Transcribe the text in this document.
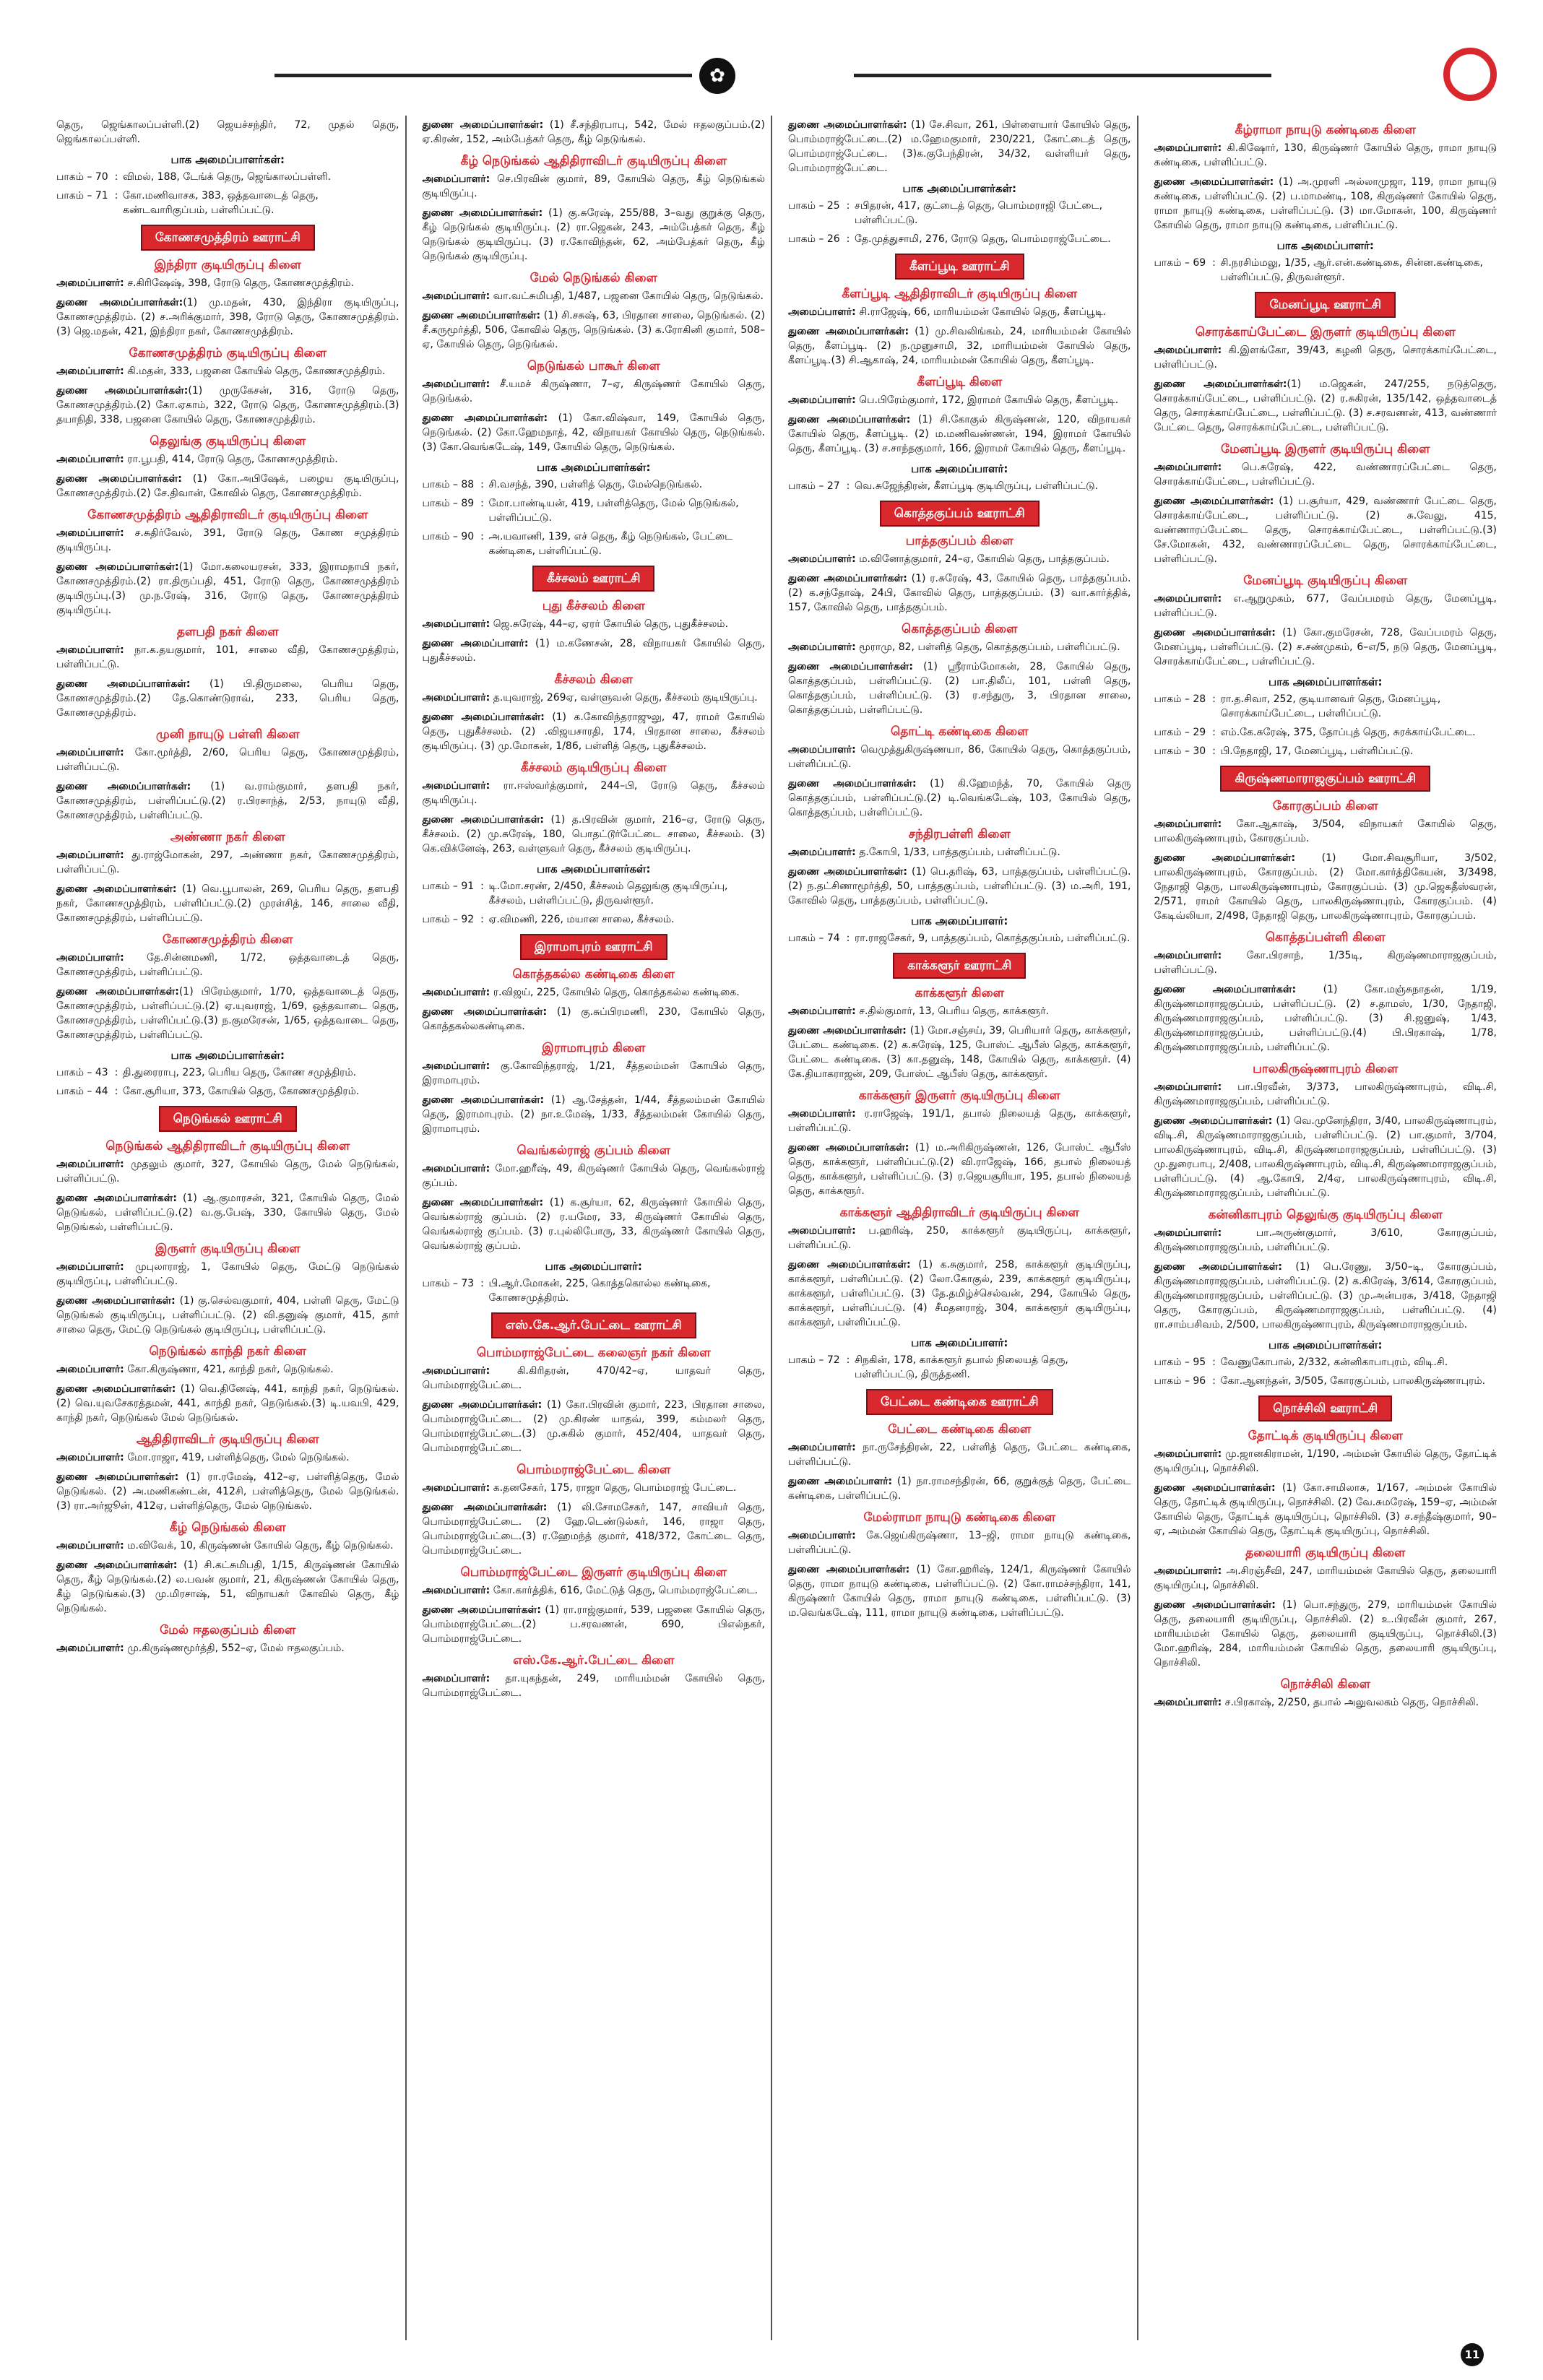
✿
தெரு, ஜெங்காலப்பள்ளி.(2) ஜெயச்சந்திர், 72, முதல் தெரு, ஜெங்காலப்பள்ளி.
பாக அமைப்பாளர்கள்:
பாகம் – 70 : விமல், 188, டேங்க் தெரு, ஜெங்காலப்பள்ளி.
பாகம் – 71 : கோ.மணிவாசக, 383, ஒத்தவாடைத் தெரு, கண்டவாரிகுப்பம், பள்ளிப்பட்டு.
கோணசமுத்திரம் ஊராட்சி
இந்திரா குடியிருப்பு கிளை
அமைப்பாளர்: ச.கிரிஷேஷ், 398, ரோடு தெரு, கோணசமுத்திரம்.
துணை அமைப்பாளர்கள்:(1) மு.மதன், 430, இந்திரா குடியிருப்பு, கோணசமுத்திரம். (2) ச.அரிக்குமார், 398, ரோடு தெரு, கோணசமுத்திரம்.(3) ஜெ.மதன், 421, இந்திரா நகர், கோணசமுத்திரம்.
கோணசமுத்திரம் குடியிருப்பு கிளை
அமைப்பாளர்: கி.மதன், 333, பஜனை கோயில் தெரு, கோணசமுத்திரம்.
துணை அமைப்பாளர்கள்:(1) முருகேசன், 316, ரோடு தெரு, கோணசமுத்திரம்.(2) கோ.ஏகாம், 322, ரோடு தெரு, கோணசமுத்திரம்.(3) தயாநிதி, 338, பஜனை கோயில் தெரு, கோணசமுத்திரம்.
தெலுங்கு குடியிருப்பு கிளை
அமைப்பாளர்: ரா.பூபதி, 414, ரோடு தெரு, கோணசமுத்திரம்.
துணை அமைப்பாளர்கள்: (1) கோ.அபிஷேக், பழைய குடியிருப்பு, கோணசமுத்திரம்.(2) சே.திவான், கோவில் தெரு, கோணசமுத்திரம்.
கோணசமுத்திரம் ஆதிதிராவிடர் குடியிருப்பு கிளை
அமைப்பாளர்: ச.சுதிர்வேல், 391, ரோடு தெரு, கோண சமுத்திரம் குடியிருப்பு.
துணை அமைப்பாளர்கள்:(1) மோ.கலையரசன், 333, இராமநாயி நகர், கோணசமுத்திரம்.(2) ரா.திருப்பதி, 451, ரோடு தெரு, கோணசமுத்திரம் குடியிருப்பு.(3) மு.ந.ரேஷ், 316, ரோடு தெரு, கோணசமுத்திரம் குடியிருப்பு.
தளபதி நகர் கிளை
அமைப்பாளர்: நா.க.தயகுமார், 101, சாலை வீதி, கோணசமுத்திரம், பள்ளிப்பட்டு.
துணை அமைப்பாளர்கள்: (1) பி.திருமலை, பெரிய தெரு, கோணசமுத்திரம்.(2) தே.கொண்டுராவ், 233, பெரிய தெரு, கோணசமுத்திரம்.
முனி நாயுடு பள்ளி கிளை
அமைப்பாளர்: கோ.மூர்த்தி, 2/60, பெரிய தெரு, கோணசமுத்திரம், பள்ளிப்பட்டு.
துணை அமைப்பாளர்கள்: (1) வ.ராம்குமார், தளபதி நகர், கோணசமுத்திரம், பள்ளிப்பட்டு.(2) ர.பிரசாந்த், 2/53, நாயுடு வீதி, கோணசமுத்திரம், பள்ளிப்பட்டு.
அண்ணா நகர் கிளை
அமைப்பாளர்: து.ராஜ்மோகன், 297, அண்ணா நகர், கோணசமுத்திரம், பள்ளிப்பட்டு.
துணை அமைப்பாளர்கள்: (1) வெ.பூபாலன், 269, பெரிய தெரு, தளபதி நகர், கோணசமுத்திரம், பள்ளிப்பட்டு.(2) முரள்சித், 146, சாலை வீதி, கோணசமுத்திரம், பள்ளிப்பட்டு.
கோணசமுத்திரம் கிளை
அமைப்பாளர்: தே.சின்னமணி, 1/72, ஒத்தவாடைத் தெரு, கோணசமுத்திரம், பள்ளிப்பட்டு.
துணை அமைப்பாளர்கள்:(1) பிரேம்குமார், 1/70, ஒத்தவாடைத் தெரு, கோணசமுத்திரம், பள்ளிப்பட்டு.(2) ஏ.யுவராஜ், 1/69, ஒத்தவாடை தெரு, கோணசமுத்திரம், பள்ளிப்பட்டு.(3) ந.குமரேசன், 1/65, ஒத்தவாடை தெரு, கோணசமுத்திரம், பள்ளிப்பட்டு.
பாக அமைப்பாளர்கள்:
பாகம் – 43 : தி.துரைராபு, 223, பெரிய தெரு, கோண சமுத்திரம்.
பாகம் – 44 : கோ.சூரியா, 373, கோயில் தெரு, கோணசமுத்திரம்.
நெடுங்கல் ஊராட்சி
நெடுங்கல் ஆதிதிராவிடர் குடியிருப்பு கிளை
அமைப்பாளர்: முதலும் குமார், 327, கோயில் தெரு, மேல் நெடுங்கல், பள்ளிப்பட்டு.
துணை அமைப்பாளர்கள்: (1) ஆ.குமாரசன், 321, கோயில் தெரு, மேல் நெடுங்கல், பள்ளிப்பட்டு.(2) வ.கு.பேஷ், 330, கோயில் தெரு, மேல் நெடுங்கல், பள்ளிப்பட்டு.
இருளர் குடியிருப்பு கிளை
அமைப்பாளர்: முபுலாராஜ், 1, கோயில் தெரு, மேட்டு நெடுங்கல் குடியிருப்பு, பள்ளிப்பட்டு.
துணை அமைப்பாளர்கள்: (1) கு.செல்வகுமார், 404, பள்ளி தெரு, மேட்டு நெடுங்கல் குடியிருப்பு, பள்ளிப்பட்டு. (2) வி.தனுஷ் குமார், 415, தார் சாலை தெரு, மேட்டு நெடுங்கல் குடியிருப்பு, பள்ளிப்பட்டு.
நெடுங்கல் காந்தி நகர் கிளை
அமைப்பாளர்: கோ.கிருஷ்ணா, 421, காந்தி நகர், நெடுங்கல்.
துணை அமைப்பாளர்கள்: (1) வெ.தினேஷ், 441, காந்தி நகர், நெடுங்கல். (2) வெ.யுவசேகரத்தமன், 441, காந்தி நகர், நெடுங்கல்.(3) டி.யவபி, 429, காந்தி நகர், நெடுங்கல் மேல் நெடுங்கல்.
ஆதிதிராவிடர் குடியிருப்பு கிளை
அமைப்பாளர்: மோ.ராஜா, 419, பள்ளித்தெரு, மேல் நெடுங்கல்.
துணை அமைப்பாளர்கள்: (1) ரா.ரமேஷ், 412–ஏ, பள்ளித்தெரு, மேல் நெடுங்கல். (2) அ.மணிகண்டன், 412சி, பள்ளித்தெரு, மேல் நெடுங்கல். (3) ரா.அர்ஜூன், 412ஏ, பள்ளித்தெரு, மேல் நெடுங்கல்.
கீழ் நெடுங்கல் கிளை
அமைப்பாளர்: ம.விவேக், 10, கிருஷ்ணன் கோயில் தெரு, கீழ் நெடுங்கல்.
துணை அமைப்பாளர்கள்: (1) சி.கட்சுமிபதி, 1/15, கிருஷ்ணன் கோயில் தெரு, கீழ் நெடுங்கல்.(2) ல.பவன் குமார், 21, கிருஷ்ணன் கோயில் தெரு, கீழ் நெடுங்கல்.(3) மு.மிரசாஷ், 51, விநாயகர் கோவில் தெரு, கீழ் நெடுங்கல்.
மேல் ஈதலகுப்பம் கிளை
அமைப்பாளர்: மு.கிருஷ்ணமூர்த்தி, 552–ஏ, மேல் ஈதலகுப்பம்.
துணை அமைப்பாளர்கள்: (1) சீ.சந்திரபாபு, 542, மேல் ஈதலகுப்பம்.(2) ஏ.கிரண், 152, அம்பேத்கர் தெரு, கீழ் நெடுங்கல்.
கீழ் நெடுங்கல் ஆதிதிராவிடர் குடியிருப்பு கிளை
அமைப்பாளர்: செ.பிரவின் குமார், 89, கோயில் தெரு, கீழ் நெடுங்கல் குடியிருப்பு.
துணை அமைப்பாளர்கள்: (1) கு.சுரேஷ், 255/88, 3–வது குறுக்கு தெரு, கீழ் நெடுங்கல் குடியிருப்பு. (2) ரா.ஜெகன், 243, அம்பேத்கர் தெரு, கீழ் நெடுங்கல் குடியிருப்பு. (3) ர.கோவிந்தன், 62, அம்பேத்கர் தெரு, கீழ் நெடுங்கல் குடியிருப்பு.
மேல் நெடுங்கல் கிளை
அமைப்பாளர்: வா.வட்சுமிபதி, 1/487, பஜனை கோயில் தெரு, நெடுங்கல்.
துணை அமைப்பாளர்கள்: (1) சி.சசுஷ், 63, பிரதான சாலை, நெடுங்கல். (2) சீ.கருமூர்த்தி, 506, கோவில் தெரு, நெடுங்கல். (3) க.ரோகினி குமார், 508–ஏ, கோயில் தெரு, நெடுங்கல்.
நெடுங்கல் பாகூர் கிளை
அமைப்பாளர்: சீ.யமச் கிருஷ்ணா, 7–ஏ, கிருஷ்ணர் கோயில் தெரு, நெடுங்கல்.
துணை அமைப்பாளர்கள்: (1) கோ.விஷ்வா, 149, கோயில் தெரு, நெடுங்கல். (2) கோ.ஹேமநாத், 42, விநாயகர் கோயில் தெரு, நெடுங்கல். (3) கோ.வெங்கடேஷ், 149, கோயில் தெரு, நெடுங்கல்.
பாக அமைப்பாளர்கள்:
பாகம் – 88 : சி.வசந்த், 390, பள்ளித் தெரு, மேல்நெடுங்கல்.
பாகம் – 89 : மோ.பாண்டியன், 419, பள்ளித்தெரு, மேல் நெடுங்கல், பள்ளிப்பட்டு.
பாகம் – 90 : அ.யவாணி, 139, எச் தெரு, கீழ் நெடுங்கல், பேட்டை கண்டிகை, பள்ளிப்பட்டு.
கீச்சலம் ஊராட்சி
புது கீச்சலம் கிளை
அமைப்பாளர்: ஜெ.சுரேஷ், 44–ஏ, ஏரர் கோயில் தெரு, புதுகீச்சலம்.
துணை அமைப்பாளர்: (1) ம.கணேசன், 28, விநாயகர் கோயில் தெரு, புதுகீச்சலம்.
கீச்சலம் கிளை
அமைப்பாளர்: த.யுவராஜ், 269ஏ, வள்ளுவன் தெரு, கீச்சலம் குடியிருப்பு.
துணை அமைப்பாளர்கள்: (1) க.கோவிந்தராஜுலு, 47, ராமர் கோயில் தெரு, புதுகீச்சலம். (2) .விஜயசாரதி, 174, பிரதான சாலை, கீச்சலம் குடியிருப்பு. (3) மு.மோகன், 1/86, பள்ளித் தெரு, புதுகீச்சலம்.
கீச்சலம் குடியிருப்பு கிளை
அமைப்பாளர்: ரா.ஈஸ்வர்த்குமார், 244–பி, ரோடு தெரு, கீச்சலம் குடியிருப்பு.
துணை அமைப்பாளர்கள்: (1) த.பிரவின் குமார், 216–ஏ, ரோடு தெரு, கீச்சலம். (2) மு.சுரேஷ், 180, பொதட்டூர்பேட்டை சாலை, கீச்சலம். (3) கெ.விக்னேஷ், 263, வள்ளுவர் தெரு, கீச்சலம் குடியிருப்பு.
பாக அமைப்பாளர்கள்:
பாகம் – 91 : டி.மோ.சரண், 2/450, கீச்சலம் தெலுங்கு குடியிருப்பு, கீச்சலம், பள்ளிப்பட்டு, திருவள்ளூர்.
பாகம் – 92 : ஏ.விமணி, 226, மயான சாலை, கீச்சலம்.
இராமாபுரம் ஊராட்சி
கொத்தகல்ல கண்டிகை கிளை
அமைப்பாளர்: ர.விஜய், 225, கோயில் தெரு, கொத்தகல்ல கண்டிகை.
துணை அமைப்பாளர்கள்: (1) கு.சுப்பிரமணி, 230, கோயில் தெரு, கொத்தகல்லகண்டிகை.
இராமாபுரம் கிளை
அமைப்பாளர்: கு.கோவிந்தராஜ், 1/21, சீத்தலம்மன் கோயில் தெரு, இராமாபுரம்.
துணை அமைப்பாளர்கள்: (1) ஆ.சேத்தன், 1/44, சீத்தலம்மன் கோயில் தெரு, இராமாபுரம். (2) நா.உமேஷ், 1/33, சீத்தலம்மன் கோயில் தெரு, இராமாபுரம்.
வெங்கல்ராஜ் குப்பம் கிளை
அமைப்பாளர்: மோ.ஹரீஷ், 49, கிருஷ்ணர் கோயில் தெரு, வெங்கல்ராஜ் குப்பம்.
துணை அமைப்பாளர்கள்: (1) க.சூர்யா, 62, கிருஷ்ணர் கோயில் தெரு, வெங்கல்ராஜ் குப்பம். (2) ர.யமேர, 33, கிருஷ்ணர் கோயில் தெரு, வெங்கல்ராஜ் குப்பம். (3) ர.புல்லிபோரு, 33, கிருஷ்ணர் கோயில் தெரு, வெங்கல்ராஜ் குப்பம்.
பாக அமைப்பாளர்:
பாகம் – 73 : பி.ஆர்.மோகன், 225, கொத்தகொல்ல கண்டிகை, கோணசமுத்திரம்.
எஸ்.கே.ஆர்.பேட்டை ஊராட்சி
பொம்மராஜ்பேட்டை கலைஞர் நகர் கிளை
அமைப்பாளர்: கி.கிரிதரன், 470/42–ஏ, யாதவர் தெரு, பொம்மராஜ்பேட்டை.
துணை அமைப்பாளர்கள்: (1) கோ.பிரவின் குமார், 223, பிரதான சாலை, பொம்மராஜ்பேட்டை. (2) மு.கிரண் யாதவ், 399, கம்மலர் தெரு, பொம்மராஜ்பேட்டை.(3) மு.சுகில் குமார், 452/404, யாதவர் தெரு, பொம்மராஜ்பேட்டை.
பொம்மராஜ்பேட்டை கிளை
அமைப்பாளர்: க.தனசேகர், 175, ராஜா தெரு, பொம்மராஜ் பேட்டை.
துணை அமைப்பாளர்கள்: (1) லி.சோமசேகர், 147, சாவியர் தெரு, பொம்மராஜ்பேட்டை. (2) ஹே.டெண்டுல்கர், 146, ராஜா தெரு, பொம்மராஜ்பேட்டை.(3) ர.ஹேமந்த் குமார், 418/372, கோட்டை தெரு, பொம்மராஜ்பேட்டை.
பொம்மராஜ்பேட்டை இருளர் குடியிருப்பு கிளை
அமைப்பாளர்: கோ.கார்த்திக், 616, மேட்டுத் தெரு, பொம்மராஜ்பேட்டை.
துணை அமைப்பாளர்கள்: (1) ரா.ராஜ்குமார், 539, பஜனை கோயில் தெரு, பொம்மராஜ்பேட்டை.(2) ப.சரவணன், 690, பிஎல்நகர், பொம்மராஜ்பேட்டை.
எஸ்.கே.ஆர்.பேட்டை கிளை
அமைப்பாளர்: தா.யுகந்தன், 249, மாரியம்மன் கோயில் தெரு, பொம்மராஜ்பேட்டை.
துணை அமைப்பாளர்கள்: (1) சே.சிவா, 261, பிள்ளையார் கோயில் தெரு, பொம்மராஜ்பேட்டை.(2) ம.ஹேமகுமார், 230/221, கோட்டைத் தெரு, பொம்மராஜ்பேட்டை. (3)க.குபேந்திரன், 34/32, வள்ளியர் தெரு, பொம்மராஜ்பேட்டை.
பாக அமைப்பாளர்கள்:
பாகம் – 25 : சபிதரன், 417, குட்டைத் தெரு, பொம்மராஜி பேட்டை, பள்ளிப்பட்டு.
பாகம் – 26 : தே.முத்துசாமி, 276, ரோடு தெரு, பொம்மராஜ்பேட்டை.
கீளப்பூடி ஊராட்சி
கீளப்பூடி ஆதிதிராவிடர் குடியிருப்பு கிளை
அமைப்பாளர்: சி.ராஜேஷ், 66, மாரியம்மன் கோயில் தெரு, கீளப்பூடி.
துணை அமைப்பாளர்கள்: (1) மு.சிவலிங்கம், 24, மாரியம்மன் கோயில் தெரு, கீளப்பூடி. (2) ந.முனுசாமி, 32, மாரியம்மன் கோயில் தெரு, கீளப்பூடி.(3) சி.ஆகாஷ், 24, மாரியம்மன் கோயில் தெரு, கீளப்பூடி.
கீளப்பூடி கிளை
அமைப்பாளர்: பெ.பிரேம்குமார், 172, இராமர் கோயில் தெரு, கீளப்பூடி.
துணை அமைப்பாளர்கள்: (1) சி.கோகுல் கிருஷ்ணன், 120, விநாயகர் கோயில் தெரு, கீளப்பூடி. (2) ம.மணிவண்ணன், 194, இராமர் கோயில் தெரு, கீளப்பூடி. (3) ச.சாந்தகுமார், 166, இராமர் கோயில் தெரு, கீளப்பூடி.
பாக அமைப்பாளர்:
பாகம் – 27 : வெ.சுஜேந்திரன், கீளப்பூடி குடியிருப்பு, பள்ளிப்பட்டு.
கொத்தகுப்பம் ஊராட்சி
பாத்தகுப்பம் கிளை
அமைப்பாளர்: ம.வினோத்குமார், 24–ஏ, கோயில் தெரு, பாத்தகுப்பம்.
துணை அமைப்பாளர்கள்: (1) ர.சுரேஷ், 43, கோயில் தெரு, பாத்தகுப்பம். (2) க.சந்தோஷ், 24பி, கோவில் தெரு, பாத்தகுப்பம். (3) வா.கார்த்திக், 157, கோவில் தெரு, பாத்தகுப்பம்.
கொத்தகுப்பம் கிளை
அமைப்பாளர்: மூராமு, 82, பள்ளித் தெரு, கொத்தகுப்பம், பள்ளிப்பட்டு.
துணை அமைப்பாளர்கள்: (1) ஸ்ரீராம்மோகன், 28, கோயில் தெரு, கொத்தகுப்பம், பள்ளிப்பட்டு. (2) பா.திலீப், 101, பள்ளி தெரு, கொத்தகுப்பம், பள்ளிப்பட்டு. (3) ர.சந்துரு, 3, பிரதான சாலை, கொத்தகுப்பம், பள்ளிப்பட்டு.
தொட்டி கண்டிகை கிளை
அமைப்பாளர்: வெமுத்துகிருஷ்ணயா, 86, கோயில் தெரு, கொத்தகுப்பம், பள்ளிப்பட்டு.
துணை அமைப்பாளர்கள்: (1) கி.ஹேமந்த், 70, கோயில் தெரு கொத்தகுப்பம், பள்ளிப்பட்டு.(2) டி.வெங்கடேஷ், 103, கோயில் தெரு, கொத்தகுப்பம், பள்ளிப்பட்டு.
சந்திரபள்ளி கிளை
அமைப்பாளர்: த.கோபி, 1/33, பாத்தகுப்பம், பள்ளிப்பட்டு.
துணை அமைப்பாளர்கள்: (1) பெ.தரிஷ், 63, பாத்தகுப்பம், பள்ளிப்பட்டு. (2) ந.தட்சிணாமூர்த்தி, 50, பாத்தகுப்பம், பள்ளிப்பட்டு. (3) ம.அரி, 191, கோவில் தெரு, பாத்தகுப்பம், பள்ளிப்பட்டு.
பாக அமைப்பாளர்:
பாகம் – 74 : ரா.ராஜசேகர், 9, பாத்தகுப்பம், கொத்தகுப்பம், பள்ளிப்பட்டு.
காக்களூர் ஊராட்சி
காக்களூர் கிளை
அமைப்பாளர்: ச.தில்குமார், 13, பெரிய தெரு, காக்களூர்.
துணை அமைப்பாளர்கள்: (1) மோ.சஞ்சய், 39, பெரியார் தெரு, காக்களூர், பேட்டை கண்டிகை. (2) க.சுரேஷ், 125, போஸ்ட் ஆபீஸ் தெரு, காக்களூர், பேட்டை கண்டிகை. (3) கா.தனுஷ், 148, கோயில் தெரு, காக்களூர். (4) கே.தியாகராஜன், 209, போஸ்ட் ஆபீஸ் தெரு, காக்களூர்.
காக்களூர் இருளர் குடியிருப்பு கிளை
அமைப்பாளர்: ர.ராஜேஷ், 191/1, தபால் நிலையத் தெரு, காக்களூர், பள்ளிப்பட்டு.
துணை அமைப்பாளர்கள்: (1) ம.அரிகிருஷ்ணன், 126, போஸ்ட் ஆபீஸ் தெரு, காக்களூர், பள்ளிப்பட்டு.(2) வி.ராஜேஷ், 166, தபால் நிலையத் தெரு, காக்களூர், பள்ளிப்பட்டு. (3) ர.ஜெயசூரியா, 195, தபால் நிலையத் தெரு, காக்களூர்.
காக்களூர் ஆதிதிராவிடர் குடியிருப்பு கிளை
அமைப்பாளர்: ப.ஹரிஷ், 250, காக்களூர் குடியிருப்பு, காக்களூர், பள்ளிப்பட்டு.
துணை அமைப்பாளர்கள்: (1) க.சுகுமார், 258, காக்களூர் குடியிருப்பு, காக்களூர், பள்ளிப்பட்டு. (2) லோ.கோகுல், 239, காக்களூர் குடியிருப்பு, காக்களூர், பள்ளிப்பட்டு. (3) தே.தமிழ்ச்செல்வன், 294, கோயில் தெரு, காக்களூர், பள்ளிப்பட்டு. (4) சீமதனராஜ், 304, காக்களூர் குடியிருப்பு, காக்களூர், பள்ளிப்பட்டு.
பாக அமைப்பாளர்:
பாகம் – 72 : சிநகின், 178, காக்களூர் தபால் நிலையத் தெரு, பள்ளிப்பட்டு, திருத்தணி.
பேட்டை கண்டிகை ஊராட்சி
பேட்டை கண்டிகை கிளை
அமைப்பாளர்: நா.ருசேந்திரன், 22, பள்ளித் தெரு, பேட்டை கண்டிகை, பள்ளிப்பட்டு.
துணை அமைப்பாளர்: (1) நா.ராமசந்திரன், 66, குறுக்குத் தெரு, பேட்டை கண்டிகை, பள்ளிப்பட்டு.
மேல்ராமா நாயுடு கண்டிகை கிளை
அமைப்பாளர்: கே.ஜெய்கிருஷ்ணா, 13–ஜி, ராமா நாயுடு கண்டிகை, பள்ளிப்பட்டு.
துணை அமைப்பாளர்கள்: (1) கோ.ஹரிஷ், 124/1, கிருஷ்ணர் கோயில் தெரு, ராமா நாயுடு கண்டிகை, பள்ளிப்பட்டு. (2) கோ.ராமச்சந்திரா, 141, கிருஷ்ணர் கோயில் தெரு, ராமா நாயுடு கண்டிகை, பள்ளிப்பட்டு. (3) ம.வெங்கடேஷ், 111, ராமா நாயுடு கண்டிகை, பள்ளிப்பட்டு.
கீழ்ராமா நாயுடு கண்டிகை கிளை
அமைப்பாளர்: கி.கிஷோர், 130, கிருஷ்ணர் கோயில் தெரு, ராமா நாயுடு கண்டிகை, பள்ளிப்பட்டு.
துணை அமைப்பாளர்கள்: (1) அ.முரளி அல்லாமுஜா, 119, ராமா நாயுடு கண்டிகை, பள்ளிப்பட்டு. (2) ப.மாமண்டி, 108, கிருஷ்ணர் கோயில் தெரு, ராமா நாயுடு கண்டிகை, பள்ளிப்பட்டு. (3) மா.மோகன், 100, கிருஷ்ணர் கோயில் தெரு, ராமா நாயுடு கண்டிகை, பள்ளிப்பட்டு.
பாக அமைப்பாளர்:
பாகம் – 69 : சி.நரசிம்மலு, 1/35, ஆர்.என்.கண்டிகை, சின்ன.கண்டிகை, பள்ளிப்பட்டு, திருவள்ளூர்.
மேனப்பூடி ஊராட்சி
சொரக்காய்பேட்டை இருளர் குடியிருப்பு கிளை
அமைப்பாளர்: கி.இளங்கோ, 39/43, கழனி தெரு, சொரக்காய்பேட்டை, பள்ளிப்பட்டு.
துணை அமைப்பாளர்கள்:(1) ம.ஜெகன், 247/255, நடுத்தெரு, சொரக்காய்பேட்டை, பள்ளிப்பட்டு. (2) ர.சுகிரன், 135/142, ஒத்தவாடைத் தெரு, சொரக்காய்பேட்டை, பள்ளிப்பட்டு. (3) ச.சரவணன், 413, வண்ணார் பேட்டை தெரு, சொரக்காய்பேட்டை, பள்ளிப்பட்டு.
மேனப்பூடி இருளர் குடியிருப்பு கிளை
அமைப்பாளர்: பெ.சுரேஷ், 422, வண்ணாரப்பேட்டை தெரு, சொரக்காய்பேட்டை, பள்ளிப்பட்டு.
துணை அமைப்பாளர்கள்: (1) ப.சூர்யா, 429, வண்ணார் பேட்டை தெரு, சொரக்காய்பேட்டை, பள்ளிப்பட்டு. (2) சு.வேலு, 415, வண்ணாரப்பேட்டை தெரு, சொரக்காய்பேட்டை, பள்ளிப்பட்டு.(3) சே.மோகன், 432, வண்ணாரப்பேட்டை தெரு, சொரக்காய்பேட்டை, பள்ளிப்பட்டு.
மேனப்பூடி குடியிருப்பு கிளை
அமைப்பாளர்: எ.ஆறுமுகம், 677, வேப்பமரம் தெரு, மேனப்பூடி, பள்ளிப்பட்டு.
துணை அமைப்பாளர்கள்: (1) கோ.குமரேசன், 728, வேப்பமரம் தெரு, மேனப்பூடி, பள்ளிப்பட்டு. (2) ச.சண்முகம், 6–எ/5, நடு தெரு, மேனப்பூடி, சொரக்காய்பேட்டை, பள்ளிப்பட்டு.
பாக அமைப்பாளர்கள்:
பாகம் – 28 : ரா.த.சிவா, 252, குடியானவர் தெரு, மேனப்பூடி, சொரக்காய்பேட்டை, பள்ளிப்பட்டு.
பாகம் – 29 : எம்.கே.சுரேஷ், 375, தோப்புத் தெரு, சுரக்காய்பேட்டை.
பாகம் – 30 : பி.நேதாஜி, 17, மேனப்பூடி, பள்ளிப்பட்டு.
கிருஷ்ணமாராஜகுப்பம் ஊராட்சி
கோரகுப்பம் கிளை
அமைப்பாளர்: கோ.ஆகாஷ், 3/504, விநாயகர் கோயில் தெரு, பாலகிருஷ்ணாபுரம், கோரகுப்பம்.
துணை அமைப்பாளர்கள்: (1) மோ.சிவசூரியா, 3/502, பாலகிருஷ்ணாபுரம், கோரகுப்பம். (2) மோ.கார்த்திகேயன், 3/3498, நேதாஜி தெரு, பாலகிருஷ்ணாபுரம், கோரகுப்பம். (3) மு.ஜெகதீஸ்வரன், 2/571, ராமர் கோயில் தெரு, பாலகிருஷ்ணாபுரம், கோரகுப்பம். (4) கேடிவ்லியா, 2/498, நேதாஜி தெரு, பாலகிருஷ்ணாபுரம், கோரகுப்பம்.
கொத்தப்பள்ளி கிளை
அமைப்பாளர்: கோ.பிரசாந், 1/35டி, கிருஷ்ணமாராஜகுப்பம், பள்ளிப்பட்டு.
துணை அமைப்பாளர்கள்: (1) கோ.மஞ்சுநாதன், 1/19, கிருஷ்ணமாராஜகுப்பம், பள்ளிப்பட்டு. (2) ச.தாமஸ், 1/30, நேதாஜி, கிருஷ்ணமாராஜகுப்பம், பள்ளிப்பட்டு. (3) சி.ஜனுஷ், 1/43, கிருஷ்ணமாராஜகுப்பம், பள்ளிப்பட்டு.(4) பி.பிரகாஷ், 1/78, கிருஷ்ணமாராஜகுப்பம், பள்ளிப்பட்டு.
பாலகிருஷ்ணாபுரம் கிளை
அமைப்பாளர்: பா.பிரவீன், 3/373, பாலகிருஷ்ணாபுரம், விடி.சி, கிருஷ்ணமாராஜகுப்பம், பள்ளிப்பட்டு.
துணை அமைப்பாளர்கள்: (1) வெ.முனேந்திரா, 3/40, பாலகிருஷ்ணாபுரம், விடி.சி, கிருஷ்ணமாராஜகுப்பம், பள்ளிப்பட்டு. (2) பா.குமார், 3/704, பாலகிருஷ்ணாபுரம், விடி.சி, கிருஷ்ணமாராஜகுப்பம், பள்ளிப்பட்டு. (3) மு.துரைபாபு, 2/408, பாலகிருஷ்ணாபுரம், விடி.சி, கிருஷ்ணமாராஜகுப்பம், பள்ளிப்பட்டு. (4) ஆ.கோபி, 2/4ஏ, பாலகிருஷ்ணாபுரம், விடி.சி, கிருஷ்ணமாராஜகுப்பம், பள்ளிப்பட்டு.
கன்னிகாபுரம் தெலுங்கு குடியிருப்பு கிளை
அமைப்பாளர்: பா.அருண்குமார், 3/610, கோரகுப்பம், கிருஷ்ணமாராஜகுப்பம், பள்ளிப்பட்டு.
துணை அமைப்பாளர்கள்: (1) பெ.ரேணு, 3/50–டி, கோரகுப்பம், கிருஷ்ணமாராஜகுப்பம், பள்ளிப்பட்டு. (2) க.கிரேஷ், 3/614, கோரகுப்பம், கிருஷ்ணமாராஜகுப்பம், பள்ளிப்பட்டு. (3) மு.அன்பரசு, 3/418, நேதாஜி தெரு, கோரகுப்பம், கிருஷ்ணமாராஜகுப்பம், பள்ளிப்பட்டு. (4) ரா.சாம்பசிவம், 2/500, பாலகிருஷ்ணாபுரம், கிருஷ்ணமாராஜகுப்பம்.
பாக அமைப்பாளர்கள்:
பாகம் – 95 : வேணுகோபால், 2/332, கன்னிகாபாபுரம், விடி.சி.
பாகம் – 96 : கோ.ஆனந்தன், 3/505, கோரகுப்பம், பாலகிருஷ்ணாபுரம்.
நொச்சிலி ஊராட்சி
தோட்டிக் குடியிருப்பு கிளை
அமைப்பாளர்: மு.ஜானகிராமன், 1/190, அம்மன் கோயில் தெரு, தோட்டிக் குடியிருப்பு, நொச்சிலி.
துணை அமைப்பாளர்கள்: (1) கோ.சாமிலாசு, 1/167, அம்மன் கோயில் தெரு, தோட்டிக் குடியிருப்பு, நொச்சிலி. (2) வே.சுமரேஷ், 159–ஏ, அம்மன் கோயில் தெரு, தோட்டிக் குடியிருப்பு, நொச்சிலி. (3) ச.சந்தீஷ்குமார், 90–ஏ, அம்மன் கோயில் தெரு, தோட்டிக் குடியிருப்பு, நொச்சிலி.
தலையாரி குடியிருப்பு கிளை
அமைப்பாளர்: அ.சிரஞ்சீவி, 247, மாரியம்மன் கோயில் தெரு, தலையாரி குடியிருப்பு, நொச்சிலி.
துணை அமைப்பாளர்கள்: (1) பொ.சந்துரு, 279, மாரியம்மன் கோயில் தெரு, தலையாரி குடியிருப்பு, நொச்சிலி. (2) உ.பிரவீன் குமார், 267, மாரியம்மன் கோயில் தெரு, தலையாரி குடியிருப்பு, நொச்சிலி.(3) மோ.ஹரிஷ், 284, மாரியம்மன் கோயில் தெரு, தலையாரி குடியிருப்பு, நொச்சிலி.
நொச்சிலி கிளை
அமைப்பாளர்: ச.பிரகாஷ், 2/250, தபால் அலுவலகம் தெரு, நொச்சிலி.
11
